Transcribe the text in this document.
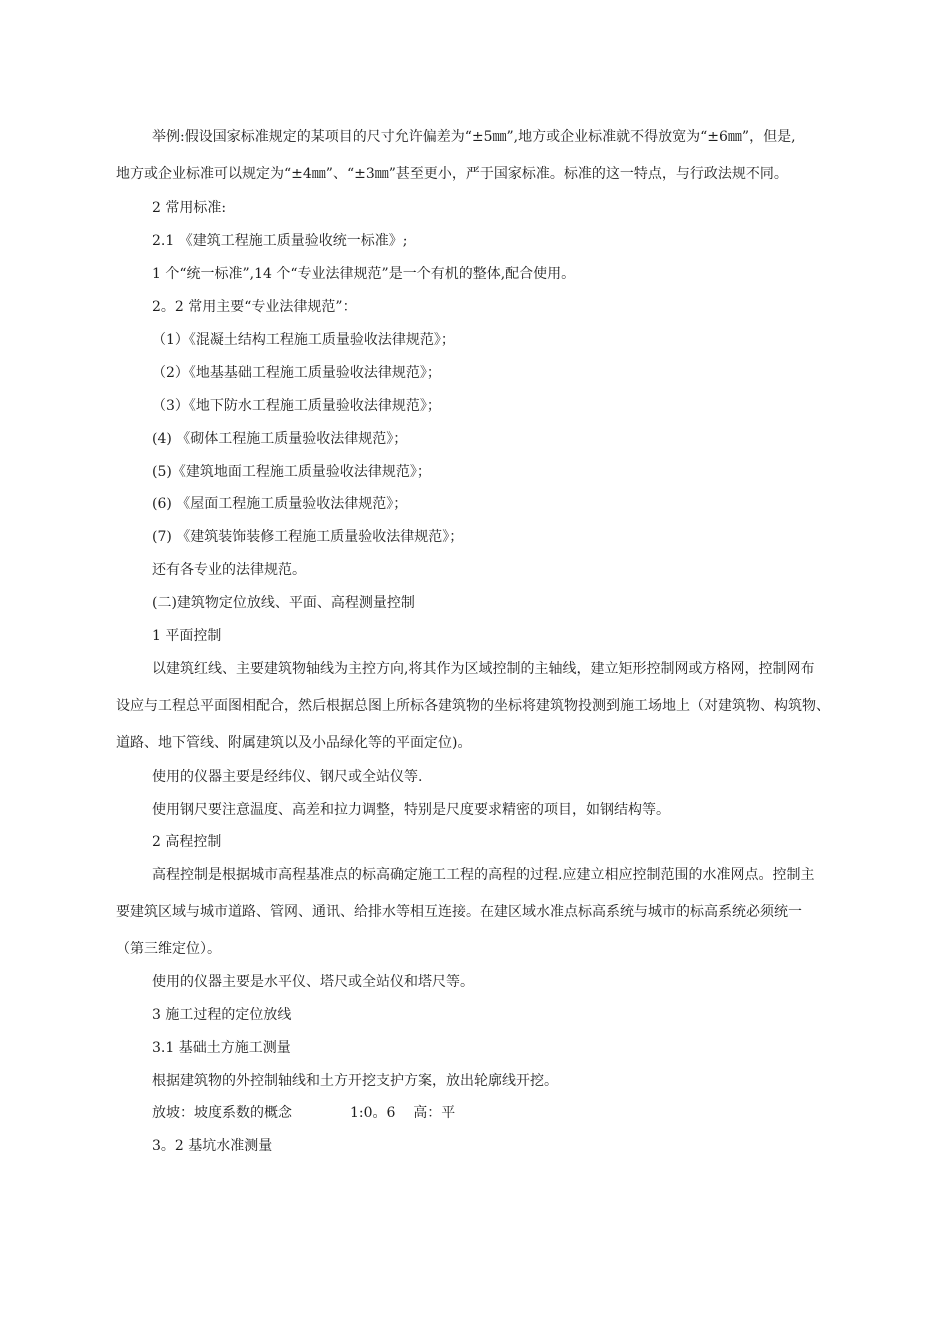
举例:假设国家标准规定的某项目的尺寸允许偏差为“±5㎜”,地方或企业标准就不得放宽为“±6㎜”，但是,
地方或企业标准可以规定为“±4㎜”、“±3㎜”甚至更小，严于国家标准。标准的这一特点，与行政法规不同。
2 常用标准:
2.1 《建筑工程施工质量验收统一标准》;
1 个“统一标准”,14 个“专业法律规范”是一个有机的整体,配合使用。
2。2 常用主要“专业法律规范”：
（1）《混凝土结构工程施工质量验收法律规范》；
（2）《地基基础工程施工质量验收法律规范》；
（3）《地下防水工程施工质量验收法律规范》；
(4) 《砌体工程施工质量验收法律规范》；
(5)《建筑地面工程施工质量验收法律规范》；
(6) 《屋面工程施工质量验收法律规范》；
(7) 《建筑装饰装修工程施工质量验收法律规范》；
还有各专业的法律规范。
(二)建筑物定位放线、平面、高程测量控制
1 平面控制
以建筑红线、主要建筑物轴线为主控方向,将其作为区域控制的主轴线，建立矩形控制网或方格网，控制网布
设应与工程总平面图相配合，然后根据总图上所标各建筑物的坐标将建筑物投测到施工场地上（对建筑物、构筑物、
道路、地下管线、附属建筑以及小品绿化等的平面定位)。
使用的仪器主要是经纬仪、钢尺或全站仪等.
使用钢尺要注意温度、高差和拉力调整，特别是尺度要求精密的项目，如钢结构等。
2 高程控制
高程控制是根据城市高程基准点的标高确定施工工程的高程的过程.应建立相应控制范围的水准网点。控制主
要建筑区域与城市道路、管网、通讯、给排水等相互连接。在建区域水准点标高系统与城市的标高系统必须统一
（第三维定位）。
使用的仪器主要是水平仪、塔尺或全站仪和塔尺等。
3 施工过程的定位放线
3.1 基础土方施工测量
根据建筑物的外控制轴线和土方开挖支护方案，放出轮廓线开挖。
放坡：坡度系数的概念	1:0。6 高：平
3。2 基坑水准测量
